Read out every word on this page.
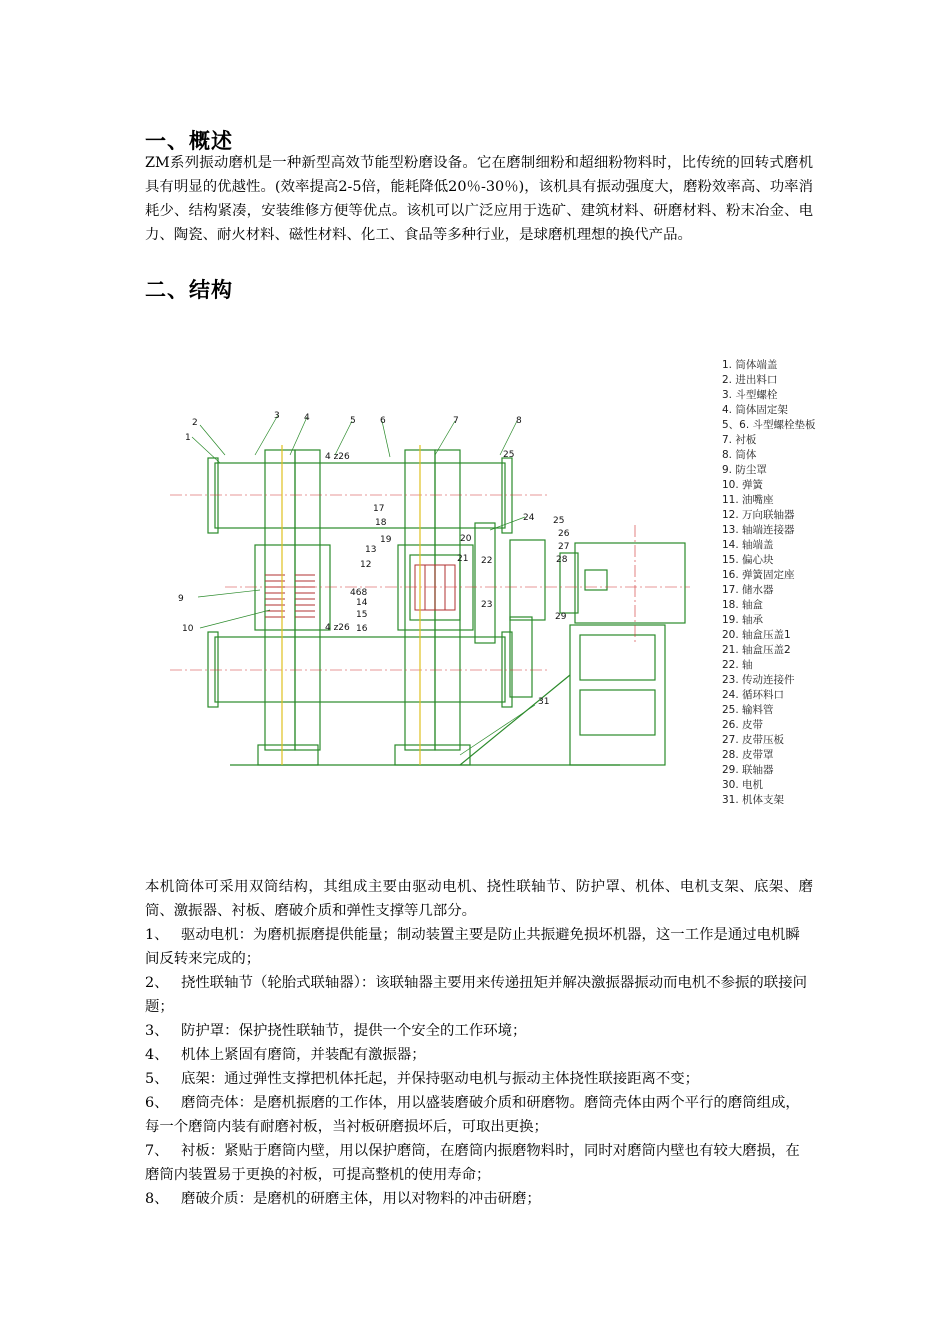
一、概述

ZM系列振动磨机是一种新型高效节能型粉磨设备。它在磨制细粉和超细粉物料时，比传统的回转式磨机具有明显的优越性。(效率提高2-5倍，能耗降低20％-30％)，该机具有振动强度大，磨粉效率高、功率消耗少、结构紧凑，安装维修方便等优点。该机可以广泛应用于选矿、建筑材料、研磨材料、粉末冶金、电力、陶瓷、耐火材料、磁性材料、化工、食品等多种行业，是球磨机理想的换代产品。

二、结构
2
1
3	4	5	6	7	8
25
4 z26
17
18
19
13
12
20
21 22
23
24 25
26
27
28
29
468
14
15
16
4 z26
9
10
31
1. 筒体端盖
2. 进出料口
3. 斗型螺栓
4. 筒体固定架
5、6. 斗型螺栓垫板
7. 衬板
8. 筒体
9. 防尘罩
10. 弹簧
11. 油嘴座
12. 万向联轴器
13. 轴端连接器
14. 轴端盖
15. 偏心块
16. 弹簧固定座
17. 储水器
18. 轴盒
19. 轴承
20. 轴盒压盖1
21. 轴盒压盖2
22. 轴
23. 传动连接件
24. 循环料口
25. 输料管
26. 皮带
27. 皮带压板
28. 皮带罩
29. 联轴器
30. 电机
31. 机体支架

本机筒体可采用双筒结构，其组成主要由驱动电机、挠性联轴节、防护罩、机体、电机支架、底架、磨筒、激振器、衬板、磨破介质和弹性支撑等几部分。

1、 驱动电机：为磨机振磨提供能量；制动装置主要是防止共振避免损坏机器，这一工作是通过电机瞬间反转来完成的；

2、 挠性联轴节（轮胎式联轴器）：该联轴器主要用来传递扭矩并解决激振器振动而电机不参振的联接问题；

3、 防护罩：保护挠性联轴节，提供一个安全的工作环境；

4、 机体上紧固有磨筒，并装配有激振器；

5、 底架：通过弹性支撑把机体托起，并保持驱动电机与振动主体挠性联接距离不变；

6、 磨筒壳体：是磨机振磨的工作体，用以盛装磨破介质和研磨物。磨筒壳体由两个平行的磨筒组成，每一个磨筒内装有耐磨衬板，当衬板研磨损坏后，可取出更换；

7、 衬板：紧贴于磨筒内壁，用以保护磨筒，在磨筒内振磨物料时，同时对磨筒内壁也有较大磨损，在磨筒内装置易于更换的衬板，可提高整机的使用寿命；

8、 磨破介质：是磨机的研磨主体，用以对物料的冲击研磨；
